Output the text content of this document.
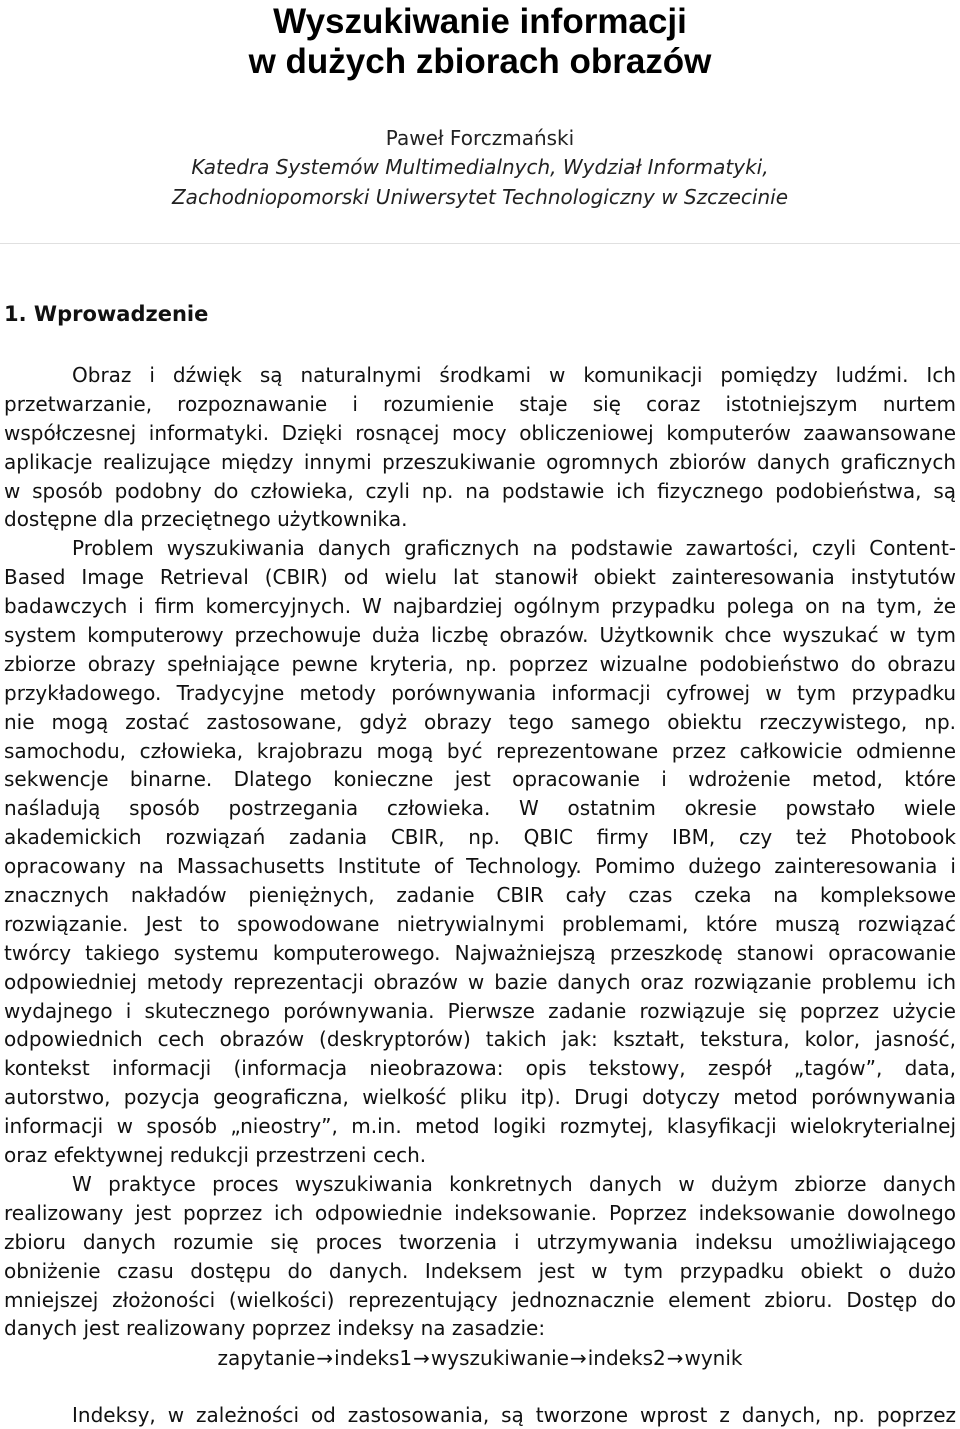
Wyszukiwanie informacji
w dużych zbiorach obrazów
Paweł Forczmański
Katedra Systemów Multimedialnych, Wydział Informatyki,
Zachodniopomorski Uniwersytet Technologiczny w Szczecinie
1. Wprowadzenie
Obraz i dźwięk są naturalnymi środkami w komunikacji pomiędzy ludźmi. Ich
przetwarzanie, rozpoznawanie i rozumienie staje się coraz istotniejszym nurtem
współczesnej informatyki. Dzięki rosnącej mocy obliczeniowej komputerów zaawansowane
aplikacje realizujące między innymi przeszukiwanie ogromnych zbiorów danych graficznych
w sposób podobny do człowieka, czyli np. na podstawie ich fizycznego podobieństwa, są
dostępne dla przeciętnego użytkownika.
Problem wyszukiwania danych graficznych na podstawie zawartości, czyli Content-
Based Image Retrieval (CBIR) od wielu lat stanowił obiekt zainteresowania instytutów
badawczych i firm komercyjnych. W najbardziej ogólnym przypadku polega on na tym, że
system komputerowy przechowuje duża liczbę obrazów. Użytkownik chce wyszukać w tym
zbiorze obrazy spełniające pewne kryteria, np. poprzez wizualne podobieństwo do obrazu
przykładowego. Tradycyjne metody porównywania informacji cyfrowej w tym przypadku
nie mogą zostać zastosowane, gdyż obrazy tego samego obiektu rzeczywistego, np.
samochodu, człowieka, krajobrazu mogą być reprezentowane przez całkowicie odmienne
sekwencje binarne. Dlatego konieczne jest opracowanie i wdrożenie metod, które
naśladują sposób postrzegania człowieka. W ostatnim okresie powstało wiele
akademickich rozwiązań zadania CBIR, np. QBIC firmy IBM, czy też Photobook
opracowany na Massachusetts Institute of Technology. Pomimo dużego zainteresowania i
znacznych nakładów pieniężnych, zadanie CBIR cały czas czeka na kompleksowe
rozwiązanie. Jest to spowodowane nietrywialnymi problemami, które muszą rozwiązać
twórcy takiego systemu komputerowego. Najważniejszą przeszkodę stanowi opracowanie
odpowiedniej metody reprezentacji obrazów w bazie danych oraz rozwiązanie problemu ich
wydajnego i skutecznego porównywania. Pierwsze zadanie rozwiązuje się poprzez użycie
odpowiednich cech obrazów (deskryptorów) takich jak: kształt, tekstura, kolor, jasność,
kontekst informacji (informacja nieobrazowa: opis tekstowy, zespół „tagów”, data,
autorstwo, pozycja geograficzna, wielkość pliku itp). Drugi dotyczy metod porównywania
informacji w sposób „nieostry”, m.in. metod logiki rozmytej, klasyfikacji wielokryterialnej
oraz efektywnej redukcji przestrzeni cech.
W praktyce proces wyszukiwania konkretnych danych w dużym zbiorze danych
realizowany jest poprzez ich odpowiednie indeksowanie. Poprzez indeksowanie dowolnego
zbioru danych rozumie się proces tworzenia i utrzymywania indeksu umożliwiającego
obniżenie czasu dostępu do danych. Indeksem jest w tym przypadku obiekt o dużo
mniejszej złożoności (wielkości) reprezentujący jednoznacznie element zbioru. Dostęp do
danych jest realizowany poprzez indeksy na zasadzie:
zapytanie→indeks1→wyszukiwanie→indeks2→wynik
Indeksy, w zależności od zastosowania, są tworzone wprost z danych, np. poprzez
